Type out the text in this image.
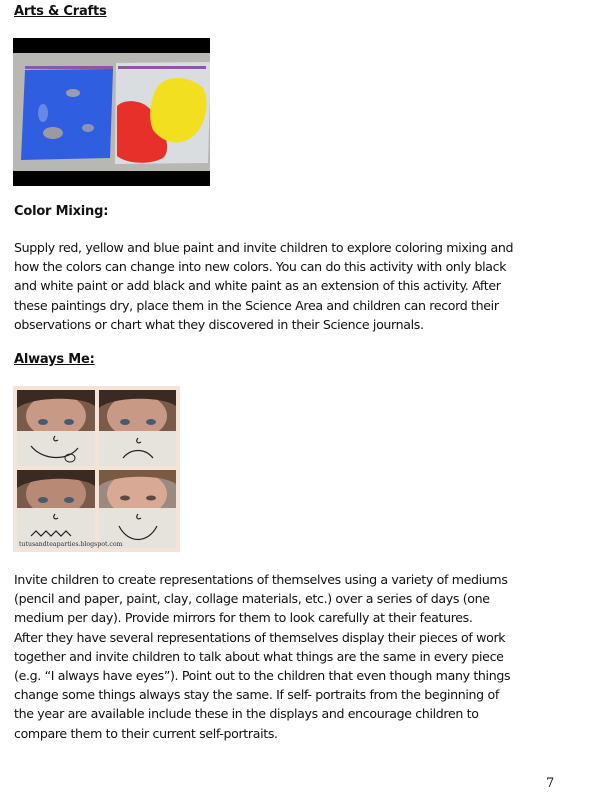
Arts & Crafts
Color Mixing:
Supply red, yellow and blue paint and invite children to explore coloring mixing and
how the colors can change into new colors. You can do this activity with only black
and white paint or add black and white paint as an extension of this activity. After
these paintings dry, place them in the Science Area and children can record their
observations or chart what they discovered in their Science journals.
Always Me:
tutusandteaparties.blogspot.com
Invite children to create representations of themselves using a variety of mediums
(pencil and paper, paint, clay, collage materials, etc.) over a series of days (one
medium per day). Provide mirrors for them to look carefully at their features.
After they have several representations of themselves display their pieces of work
together and invite children to talk about what things are the same in every piece
(e.g. “I always have eyes”). Point out to the children that even though many things
change some things always stay the same. If self- portraits from the beginning of
the year are available include these in the displays and encourage children to
compare them to their current self-portraits.
7
